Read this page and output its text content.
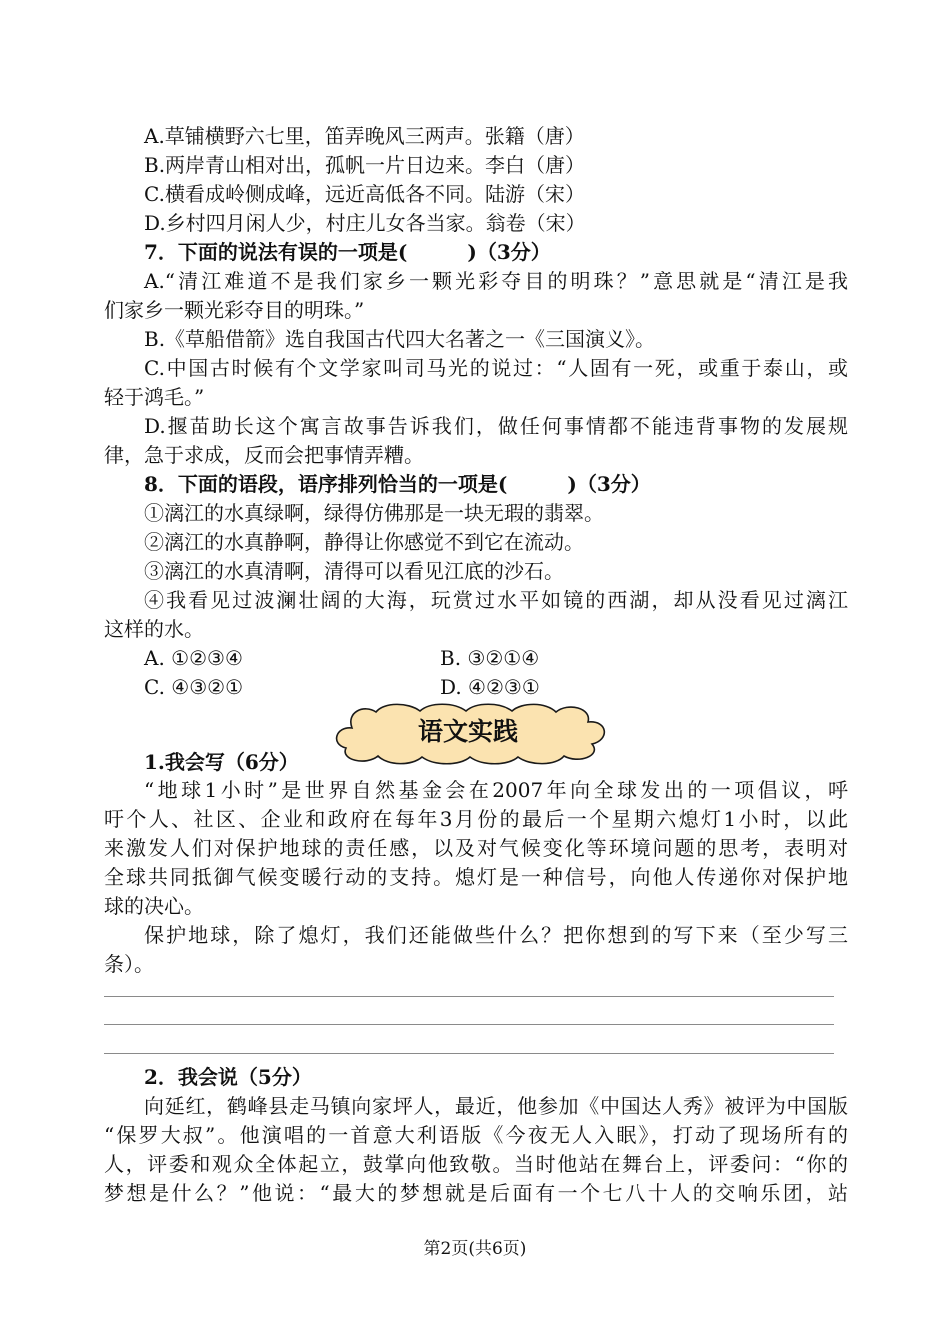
A.草铺横野六七里，笛弄晚风三两声。张籍（唐）
B.两岸青山相对出，孤帆一片日边来。李白（唐）
C.横看成岭侧成峰，远近高低各不同。陆游（宋）
D.乡村四月闲人少，村庄儿女各当家。翁卷（宋）
7．下面的说法有误的一项是(　　　)（3分）
A.“清江难道不是我们家乡一颗光彩夺目的明珠？”意思就是“清江是我
们家乡一颗光彩夺目的明珠。”
B.《草船借箭》选自我国古代四大名著之一《三国演义》。
C.中国古时候有个文学家叫司马光的说过：“人固有一死，或重于泰山，或
轻于鸿毛。”
D.揠苗助长这个寓言故事告诉我们，做任何事情都不能违背事物的发展规
律，急于求成，反而会把事情弄糟。
8．下面的语段，语序排列恰当的一项是(　　　)（3分）
①漓江的水真绿啊，绿得仿佛那是一块无瑕的翡翠。
②漓江的水真静啊，静得让你感觉不到它在流动。
③漓江的水真清啊，清得可以看见江底的沙石。
④我看见过波澜壮阔的大海，玩赏过水平如镜的西湖，却从没看见过漓江
这样的水。
A. ①②③④	B. ③②①④
C. ④③②①	D. ④②③①
语文实践
1.我会写（6分）
“地球1小时”是世界自然基金会在2007年向全球发出的一项倡议，呼
吁个人、社区、企业和政府在每年3月份的最后一个星期六熄灯1小时，以此
来激发人们对保护地球的责任感，以及对气候变化等环境问题的思考，表明对
全球共同抵御气候变暖行动的支持。熄灯是一种信号，向他人传递你对保护地
球的决心。
保护地球，除了熄灯，我们还能做些什么？把你想到的写下来（至少写三
条）。
2．我会说（5分）
向延红，鹤峰县走马镇向家坪人，最近，他参加《中国达人秀》被评为中国版
“保罗大叔”。他演唱的一首意大利语版《今夜无人入眠》，打动了现场所有的
人，评委和观众全体起立，鼓掌向他致敬。当时他站在舞台上，评委问：“你的
梦想是什么？”他说：“最大的梦想就是后面有一个七八十人的交响乐团，站
第2页(共6页)
